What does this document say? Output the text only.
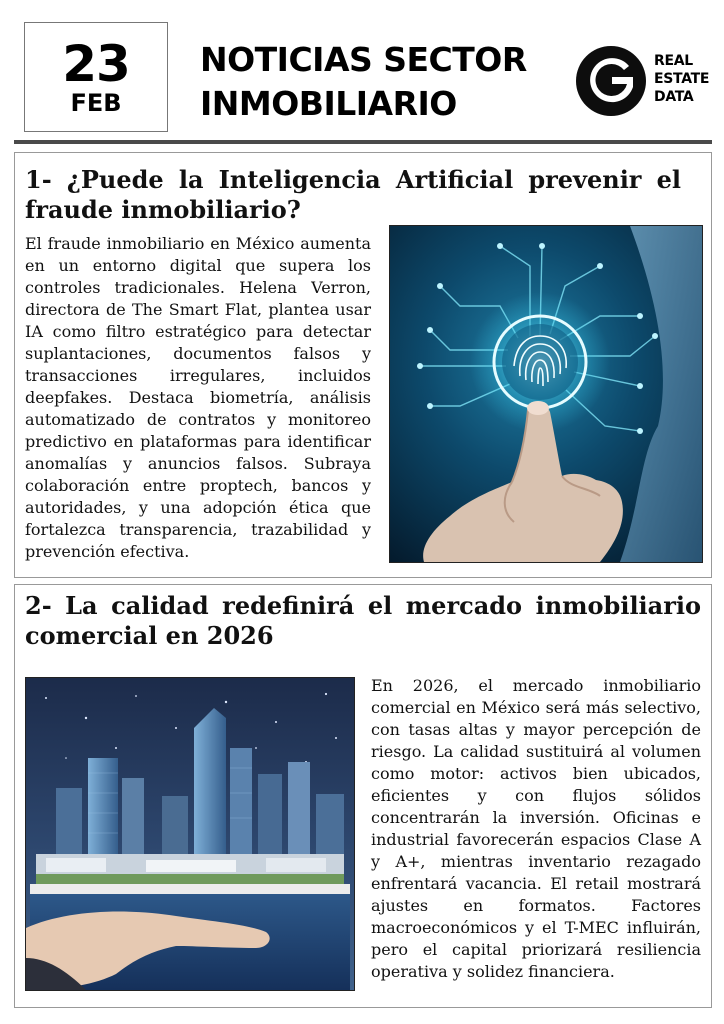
23
FEB
NOTICIAS SECTOR
INMOBILIARIO
REAL
ESTATE
DATA
1- ¿Puede la Inteligencia Artificial prevenir el fraude inmobiliario?
El fraude inmobiliario en México aumenta en un entorno digital que supera los controles tradicionales. Helena Verron, directora de The Smart Flat, plantea usar IA como filtro estratégico para detectar suplantaciones, documentos falsos y transacciones irregulares, incluidos deepfakes. Destaca biometría, análisis automatizado de contratos y monitoreo predictivo en plataformas para identificar anomalías y anuncios falsos. Subraya colaboración entre proptech, bancos y autoridades, y una adopción ética que fortalezca transparencia, trazabilidad y prevención efectiva.
2- La calidad redefinirá el mercado inmobiliario comercial en 2026
En 2026, el mercado inmobiliario comercial en México será más selectivo, con tasas altas y mayor percepción de riesgo. La calidad sustituirá al volumen como motor: activos bien ubicados, eficientes y con flujos sólidos concentrarán la inversión. Oficinas e industrial favorecerán espacios Clase A y A+, mientras inventario rezagado enfrentará vacancia. El retail mostrará ajustes en formatos. Factores macroeconómicos y el T-MEC influirán, pero el capital priorizará resiliencia operativa y solidez financiera.
